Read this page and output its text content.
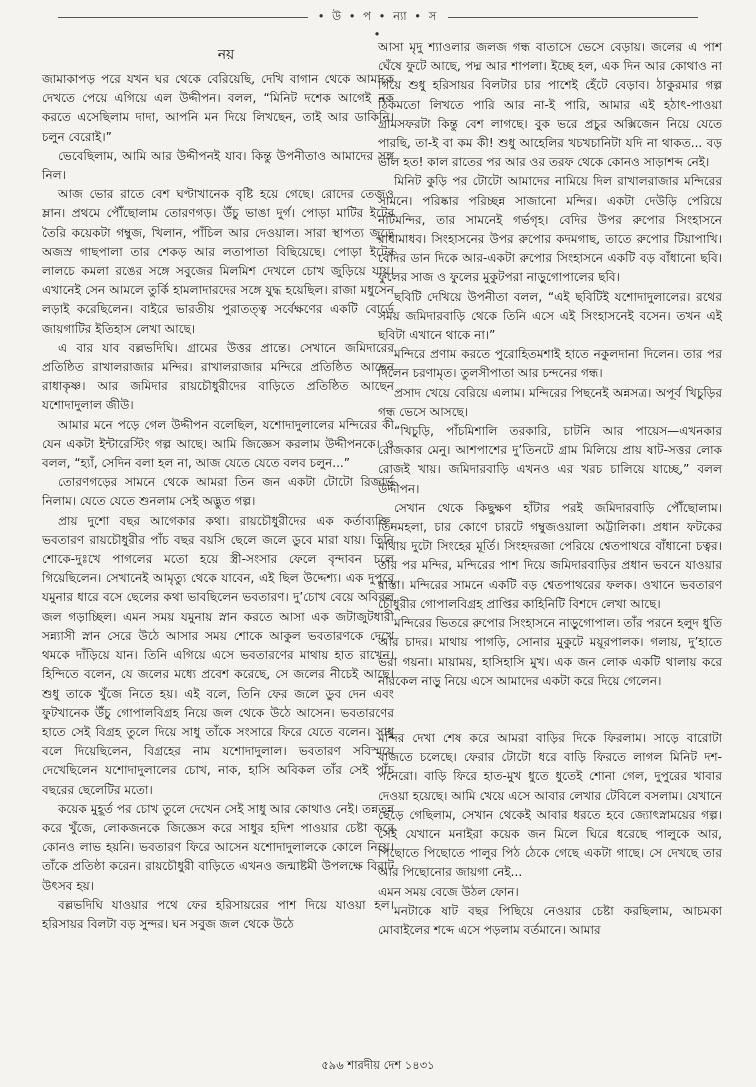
• উ • প • ন্যা • স •
নয়

জামাকাপড় পরে যখন ঘর থেকে বেরিয়েছি, দেখি বাগান থেকে আমাকে দেখতে পেয়ে এগিয়ে এল উদ্দীপন। বলল, “মিনিট দশেক আগেই নক করতে এসেছিলাম দাদা, আপনি মন দিয়ে লিখছেন, তাই আর ডাকিনি। চলুন বেরোই।”

ভেবেছিলাম, আমি আর উদ্দীপনই যাব। কিন্তু উপনীতাও আমাদের সঙ্গ নিল।

আজ ভোর রাতে বেশ ঘণ্টাখানেক বৃষ্টি হয়ে গেছে। রোদের তেজও ম্লান। প্রথমে পৌঁছোলাম তোরণগড়। উঁচু ভাঙা দুর্গ। পোড়া মাটির ইটের তৈরি কয়েকটা গম্বুজ, খিলান, পাঁচিল আর দেওয়াল। সারা স্থাপত্য জুড়ে অজস্র গাছপালা তার শেকড় আর লতাপাতা বিছিয়েছে। পোড়া ইটের লালচে কমলা রঙের সঙ্গে সবুজের মিলমিশ দেখলে চোখ জুড়িয়ে যায়। এখানেই সেন আমলে তুর্কি হামলাদারদের সঙ্গে যুদ্ধ হয়েছিল। রাজা মধুসেন লড়াই করেছিলেন। বাইরে ভারতীয় পুরাতত্ত্ব সর্বেক্ষণের একটি বোর্ডে জায়গাটির ইতিহাস লেখা আছে।

এ বার যাব বল্লভদিঘি। গ্রামের উত্তর প্রান্তে। সেখানে জমিদারের প্রতিষ্ঠিত রাখালরাজার মন্দির। রাখালরাজার মন্দিরে প্রতিষ্ঠিত আছেন রাধাকৃষ্ণ। আর জমিদার রায়চৌধুরীদের বাড়িতে প্রতিষ্ঠিত আছেন যশোদাদুলাল জীউ।

আমার মনে পড়ে গেল উদ্দীপন বলেছিল, যশোদাদুলালের মন্দিরের কী যেন একটা ইন্টারেস্টিং গল্প আছে। আমি জিজ্ঞেস করলাম উদ্দীপনকে। ও বলল, “হ্যাঁ, সেদিন বলা হল না, আজ যেতে যেতে বলব চলুন...”

তোরণগড়ের সামনে থেকে আমরা তিন জন একটা টোটো রিজার্ভ নিলাম। যেতে যেতে শুনলাম সেই অদ্ভুত গল্প।

প্রায় দুশো বছর আগেকার কথা। রায়চৌধুরীদের এক কর্তাব্যক্তি, ভবতারণ রায়চৌধুরীর পাঁচ বছর বয়সি ছেলে জলে ডুবে মারা যায়। তিনি শোকে-দুঃখে পাগলের মতো হয়ে স্ত্রী-সংসার ফেলে বৃন্দাবন চলে গিয়েছিলেন। সেখানেই আমৃত্যু থেকে যাবেন, এই ছিল উদ্দেশ্য। এক দুপুরে যমুনার ধারে বসে ছেলের কথা ভাবছিলেন ভবতারণ। দু’চোখ বেয়ে অবিরল জল গড়াচ্ছিল। এমন সময় যমুনায় স্নান করতে আসা এক জটাজুটধারী সন্ন্যাসী স্নান সেরে উঠে আসার সময় শোকে আকুল ভবতারণকে দেখে থমকে দাঁড়িয়ে যান। তিনি এগিয়ে এসে ভবতারণের মাথায় হাত রাখেন। হিন্দিতে বলেন, যে জলের মধ্যে প্রবেশ করেছে, সে জলের নীচেই আছে। শুধু তাকে খুঁজে নিতে হয়। এই বলে, তিনি ফের জলে ডুব দেন এবং ফুটখানেক উঁচু গোপালবিগ্রহ নিয়ে জল থেকে উঠে আসেন। ভবতারণের হাতে সেই বিগ্রহ তুলে দিয়ে সাধু তাঁকে সংসারে ফিরে যেতে বলেন। সাধু বলে দিয়েছিলেন, বিগ্রহের নাম যশোদাদুলাল। ভবতারণ সবিস্ময়ে দেখেছিলেন যশোদাদুলালের চোখ, নাক, হাসি অবিকল তাঁর সেই পাঁচ বছরের ছেলেটির মতো।

কয়েক মুহূর্ত পর চোখ তুলে দেখেন সেই সাধু আর কোথাও নেই। তন্নতন্ন করে খুঁজে, লোকজনকে জিজ্ঞেস করে সাধুর হদিশ পাওয়ার চেষ্টা করে কোনও লাভ হয়নি। ভবতারণ ফিরে আসেন যশোদাদুলালকে কোলে নিয়ে। তাঁকে প্রতিষ্ঠা করেন। রায়চৌধুরী বাড়িতে এখনও জন্মাষ্টমী উপলক্ষে বিরাট উৎসব হয়।

বল্লভদিঘি যাওয়ার পথে ফের হরিসায়রের পাশ দিয়ে যাওয়া হল। হরিসায়র বিলটা বড় সুন্দর। ঘন সবুজ জল থেকে উঠে

আসা মৃদু শ্যাওলার জলজ গন্ধ বাতাসে ভেসে বেড়ায়। জলের এ পাশ ঘেঁষে ফুটে আছে, পদ্ম আর শাপলা। ইচ্ছে হল, এক দিন আর কোথাও না গিয়ে শুধু হরিসায়র বিলটার চার পাশেই হেঁটে বেড়াব। ঠাকুরমার গল্প ঠিকমতো লিখতে পারি আর না-ই পারি, আমার এই হঠাৎ-পাওয়া গ্রামসফরটা কিন্তু বেশ লাগছে। বুক ভরে প্রচুর অক্সিজেন নিয়ে যেতে পারছি, তা-ই বা কম কী! শুধু আহেলির খচখচানিটা যদি না থাকত... বড় ভাল হত! কাল রাতের পর আর ওর তরফ থেকে কোনও সাড়াশব্দ নেই।

মিনিট কুড়ি পর টোটো আমাদের নামিয়ে দিল রাখালরাজার মন্দিরের সামনে। পরিষ্কার পরিচ্ছন্ন সাজানো মন্দির। একটা দেউড়ি পেরিয়ে নাটমন্দির, তার সামনেই গর্ভগৃহ। বেদির উপর রুপোর সিংহাসনে রাধামাধব। সিংহাসনের উপর রুপোর কদমগাছ, তাতে রুপোর টিয়াপাখি। বেদির ডান দিকে আর-একটা রুপোর সিংহাসনে একটি বড় বাঁধানো ছবি। ফুলের সাজ ও ফুলের মুকুটপরা নাড়ুগোপালের ছবি।

ছবিটি দেখিয়ে উপনীতা বলল, “এই ছবিটিই যশোদাদুলালের। রথের সময় জমিদারবাড়ি থেকে তিনি এসে এই সিংহাসনেই বসেন। তখন এই ছবিটা এখানে থাকে না।”

মন্দিরে প্রণাম করতে পুরোহিতমশাই হাতে নকুলদানা দিলেন। তার পর দিলেন চরণামৃত। তুলসীপাতা আর চন্দনের গন্ধ।

প্রসাদ খেয়ে বেরিয়ে এলাম। মন্দিরের পিছনেই অন্নসত্র। অপূর্ব খিচুড়ির গন্ধ ভেসে আসছে।

“খিচুড়ি, পাঁচমিশালি তরকারি, চাটনি আর পায়েস—এখনকার রোজকার মেনু। আশপাশের দু’তিনটে গ্রাম মিলিয়ে প্রায় ষাট-সত্তর লোক রোজই খায়। জমিদারবাড়ি এখনও এর খরচ চালিয়ে যাচ্ছে,” বলল উদ্দীপন।

সেখান থেকে কিছুক্ষণ হাঁটার পরই জমিদারবাড়ি পৌঁছোলাম। তিনমহলা, চার কোণে চারটে গম্বুজওয়ালা অট্টালিকা। প্রধান ফটকের মাথায় দুটো সিংহের মূর্তি। সিংহদরজা পেরিয়ে শ্বেতপাথরে বাঁধানো চত্বর। তার পর মন্দির, মন্দিরের পাশ দিয়ে জমিদারবাড়ির প্রধান ভবনে যাওয়ার রাস্তা। মন্দিরের সামনে একটি বড় শ্বেতপাথরের ফলক। ওখানে ভবতারণ চৌধুরীর গোপালবিগ্রহ প্রাপ্তির কাহিনিটি বিশদে লেখা আছে।

মন্দিরের ভিতরে রুপোর সিংহাসনে নাড়ুগোপাল। তাঁর পরনে হলুদ ধুতি আর চাদর। মাথায় পাগড়ি, সোনার মুকুটে ময়ূরপালক। গলায়, দু’হাতে ভরা গয়না। মায়াময়, হাসিহাসি মুখ। এক জন লোক একটি থালায় করে নারকেল নাড়ু নিয়ে এসে আমাদের একটা করে দিয়ে গেলেন।

মন্দির দেখা শেষ করে আমরা বাড়ির দিকে ফিরলাম। সাড়ে বারোটা বাজতে চলেছে। ফেরার টোটো ধরে বাড়ি ফিরতে লাগল মিনিট দশ-পনেরো। বাড়ি ফিরে হাত-মুখ ধুতে ধুতেই শোনা গেল, দুপুরের খাবার দেওয়া হয়েছে। আমি খেয়ে এসে আবার লেখার টেবিলে বসলাম। যেখানে ছেড়ে গেছিলাম, সেখান থেকেই আবার ধরতে হবে জ্যোৎস্নাময়ের গল্প। সেই যেখানে মনাইরা কয়েক জন মিলে ঘিরে ধরেছে পালুকে আর, পিছোতে পিছোতে পালুর পিঠ ঠেকে গেছে একটা গাছে। সে দেখছে তার আর পিছোনোর জায়গা নেই...

এমন সময় বেজে উঠল ফোন।

মনটাকে ষাট বছর পিছিয়ে নেওয়ার চেষ্টা করছিলাম, আচমকা মোবাইলের শব্দে এসে পড়লাম বর্তমানে। আমার

৫৯৬ শারদীয় দেশ ১৪৩১
